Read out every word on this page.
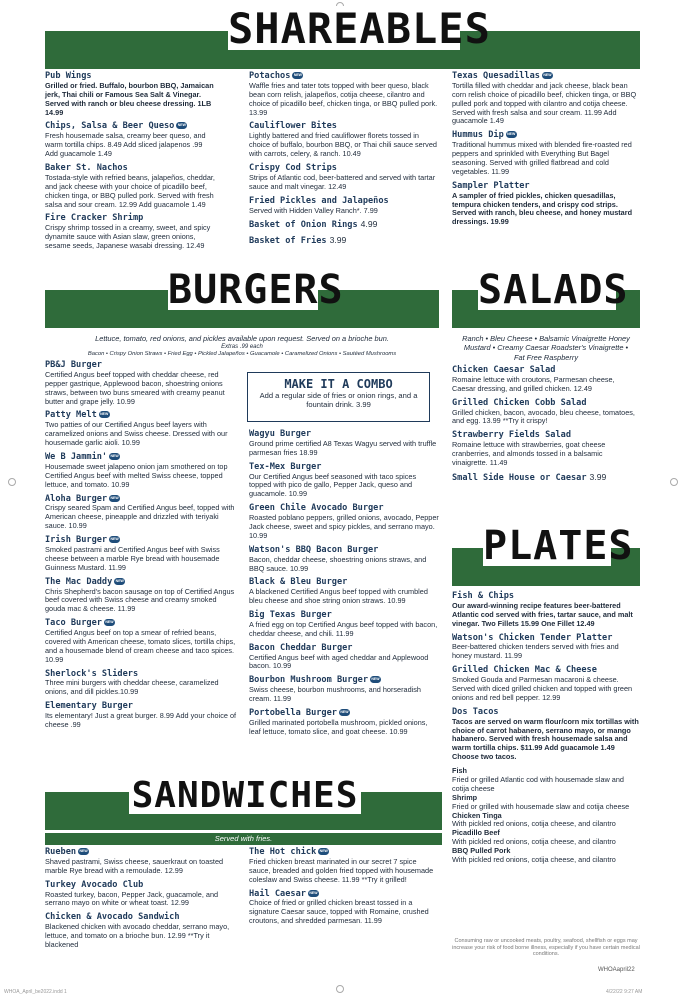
SHAREABLES
Pub Wings
Grilled or fried. Buffalo, bourbon BBQ, Jamaican jerk, Thai chili or Famous Sea Salt & Vinegar. Served with ranch or bleu cheese dressing. 1LB 14.99
Chips, Salsa & Beer Queso NEW
Fresh housemade salsa, creamy beer queso, and warm tortilla chips. 8.49 Add sliced jalapenos .99 Add guacamole 1.49
Baker St. Nachos
Tostada-style with refried beans, jalapeños, cheddar, and jack cheese with your choice of picadillo beef, chicken tinga, or BBQ pulled pork. Served with fresh salsa and sour cream. 12.99 Add guacamole 1.49
Fire Cracker Shrimp
Crispy shrimp tossed in a creamy, sweet, and spicy dynamite sauce with Asian slaw, green onions, sesame seeds, Japanese wasabi dressing. 12.49
Potachos NEW
Waffle fries and tater tots topped with beer queso, black bean corn relish, jalapeños, cotija cheese, cilantro and choice of picadillo beef, chicken tinga, or BBQ pulled pork. 13.99
Cauliflower Bites
Lightly battered and fried cauliflower florets tossed in choice of buffalo, bourbon BBQ, or Thai chili sauce served with carrots, celery, & ranch. 10.49
Crispy Cod Strips
Strips of Atlantic cod, beer-battered and served with tartar sauce and malt vinegar. 12.49
Fried Pickles and Jalapeños
Served with Hidden Valley Ranch*. 7.99
Basket of Onion Rings 4.99
Basket of Fries 3.99
Texas Quesadillas NEW
Tortilla filled with cheddar and jack cheese, black bean corn relish choice of picadillo beef, chicken tinga, or BBQ pulled pork and topped with cilantro and cotija cheese. Served with fresh salsa and sour cream. 11.99 Add guacamole 1.49
Hummus Dip NEW
Traditional hummus mixed with blended fire-roasted red peppers and sprinkled with Everything But Bagel seasoning. Served with grilled flatbread and cold vegetables. 11.99
Sampler Platter
A sampler of fried pickles, chicken quesadillas, tempura chicken tenders, and crispy cod strips. Served with ranch, bleu cheese, and honey mustard dressings. 19.99
BURGERS
Lettuce, tomato, red onions, and pickles available upon request. Served on a brioche bun.
Extras .99 each
Bacon • Crispy Onion Straws • Fried Egg • Pickled Jalapeños • Guacamole • Caramelized Onions • Sautéed Mushrooms
MAKE IT A COMBO
Add a regular side of fries or onion rings, and a fountain drink. 3.99
PB&J Burger
Certified Angus beef topped with cheddar cheese, red pepper gastrique, Applewood bacon, shoestring onions straws, between two buns smeared with creamy peanut butter and grape jelly. 10.99
Patty Melt NEW
Two patties of our Certified Angus beef layers with caramelized onions and Swiss cheese. Dressed with our housemade garlic aioli. 10.99
We B Jammin' NEW
Housemade sweet jalapeno onion jam smothered on top Certified Angus beef with melted Swiss cheese, topped lettuce, and tomato. 10.99
Aloha Burger NEW
Crispy seared Spam and Certified Angus beef, topped with American cheese, pineapple and drizzled with teriyaki sauce. 10.99
Irish Burger NEW
Smoked pastrami and Certified Angus beef with Swiss cheese between a marble Rye bread with housemade Guinness Mustard. 11.99
The Mac Daddy NEW
Chris Shepherd's bacon sausage on top of Certified Angus beef covered with Swiss cheese and creamy smoked gouda mac & cheese. 11.99
Taco Burger NEW
Certified Angus beef on top a smear of refried beans, covered with American cheese, tomato slices, tortilla chips, and a housemade blend of cream cheese and taco spices. 10.99
Sherlock's Sliders
Three mini burgers with cheddar cheese, caramelized onions, and dill pickles.10.99
Elementary Burger
Its elementary! Just a great burger. 8.99 Add your choice of cheese .99
Wagyu Burger
Ground prime certified A8 Texas Wagyu served with truffle parmesan fries 18.99
Tex-Mex Burger
Our Certified Angus beef seasoned with taco spices topped with pico de gallo, Pepper Jack, queso and guacamole. 10.99
Green Chile Avocado Burger
Roasted poblano peppers, grilled onions, avocado, Pepper Jack cheese, sweet and spicy pickles, and serrano mayo. 10.99
Watson's BBQ Bacon Burger
Bacon, cheddar cheese, shoestring onions straws, and BBQ sauce. 10.99
Black & Bleu Burger
A blackened Certified Angus beef topped with crumbled bleu cheese and shoe string onion straws. 10.99
Big Texas Burger
A fried egg on top Certified Angus beef topped with bacon, cheddar cheese, and chili. 11.99
Bacon Cheddar Burger
Certified Angus beef with aged cheddar and Applewood bacon. 10.99
Bourbon Mushroom Burger NEW
Swiss cheese, bourbon mushrooms, and horseradish cream. 11.99
Portobella Burger NEW
Grilled marinated portobella mushroom, pickled onions, leaf lettuce, tomato slice, and goat cheese. 10.99
SALADS
Ranch • Bleu Cheese • Balsamic Vinaigrette Honey Mustard • Creamy Caesar Roadster's Vinaigrette • Fat Free Raspberry
Chicken Caesar Salad
Romaine lettuce with croutons, Parmesan cheese, Caesar dressing, and grilled chicken. 12.49
Grilled Chicken Cobb Salad
Grilled chicken, bacon, avocado, bleu cheese, tomatoes, and egg. 13.99 **Try it crispy!
Strawberry Fields Salad
Romaine lettuce with strawberries, goat cheese cranberries, and almonds tossed in a balsamic vinaigrette. 11.49
Small Side House or Caesar 3.99
PLATES
Fish & Chips
Our award-winning recipe features beer-battered Atlantic cod served with fries, tartar sauce, and malt vinegar. Two Fillets 15.99 One Fillet 12.49
Watson's Chicken Tender Platter
Beer-battered chicken tenders served with fries and honey mustard. 11.99
Grilled Chicken Mac & Cheese
Smoked Gouda and Parmesan macaroni & cheese. Served with diced grilled chicken and topped with green onions and red bell pepper. 12.99
Dos Tacos
Tacos are served on warm flour/corn mix tortillas with choice of carrot habanero, serrano mayo, or mango habanero. Served with fresh housemade salsa and warm tortilla chips. $11.99 Add guacamole 1.49 Choose two tacos.
Fish
Fried or grilled Atlantic cod with housemade slaw and cotija cheese
Shrimp
Fried or grilled with housemade slaw and cotija cheese
Chicken Tinga
With pickled red onions, cotija cheese, and cilantro
Picadillo Beef
With pickled red onions, cotija cheese, and cilantro
BBQ Pulled Pork
With pickled red onions, cotija cheese, and cilantro
SANDWICHES
Served with fries.
Rueben NEW
Shaved pastrami, Swiss cheese, sauerkraut on toasted marble Rye bread with a remoulade. 12.99
Turkey Avocado Club
Roasted turkey, bacon, Pepper Jack, guacamole, and serrano mayo on white or wheat toast. 12.99
Chicken & Avocado Sandwich
Blackened chicken with avocado cheddar, serrano mayo, lettuce, and tomato on a brioche bun. 12.99 **Try it blackened
The Hot chick NEW
Fried chicken breast marinated in our secret 7 spice sauce, breaded and golden fried topped with housemade coleslaw and Swiss cheese. 11.99 **Try it grilled!
Hail Caesar NEW
Choice of fried or grilled chicken breast tossed in a signature Caesar sauce, topped with Romaine, crushed croutons, and shredded parmesan. 11.99
Consuming raw or uncooked meats, poultry, seafood, shellfish or eggs may increase your risk of food borne illness, especially if you have certain medical conditions.
WHOAapril22
WHOA_April_be2022.indd 1	4/22/22 9:27 AM
